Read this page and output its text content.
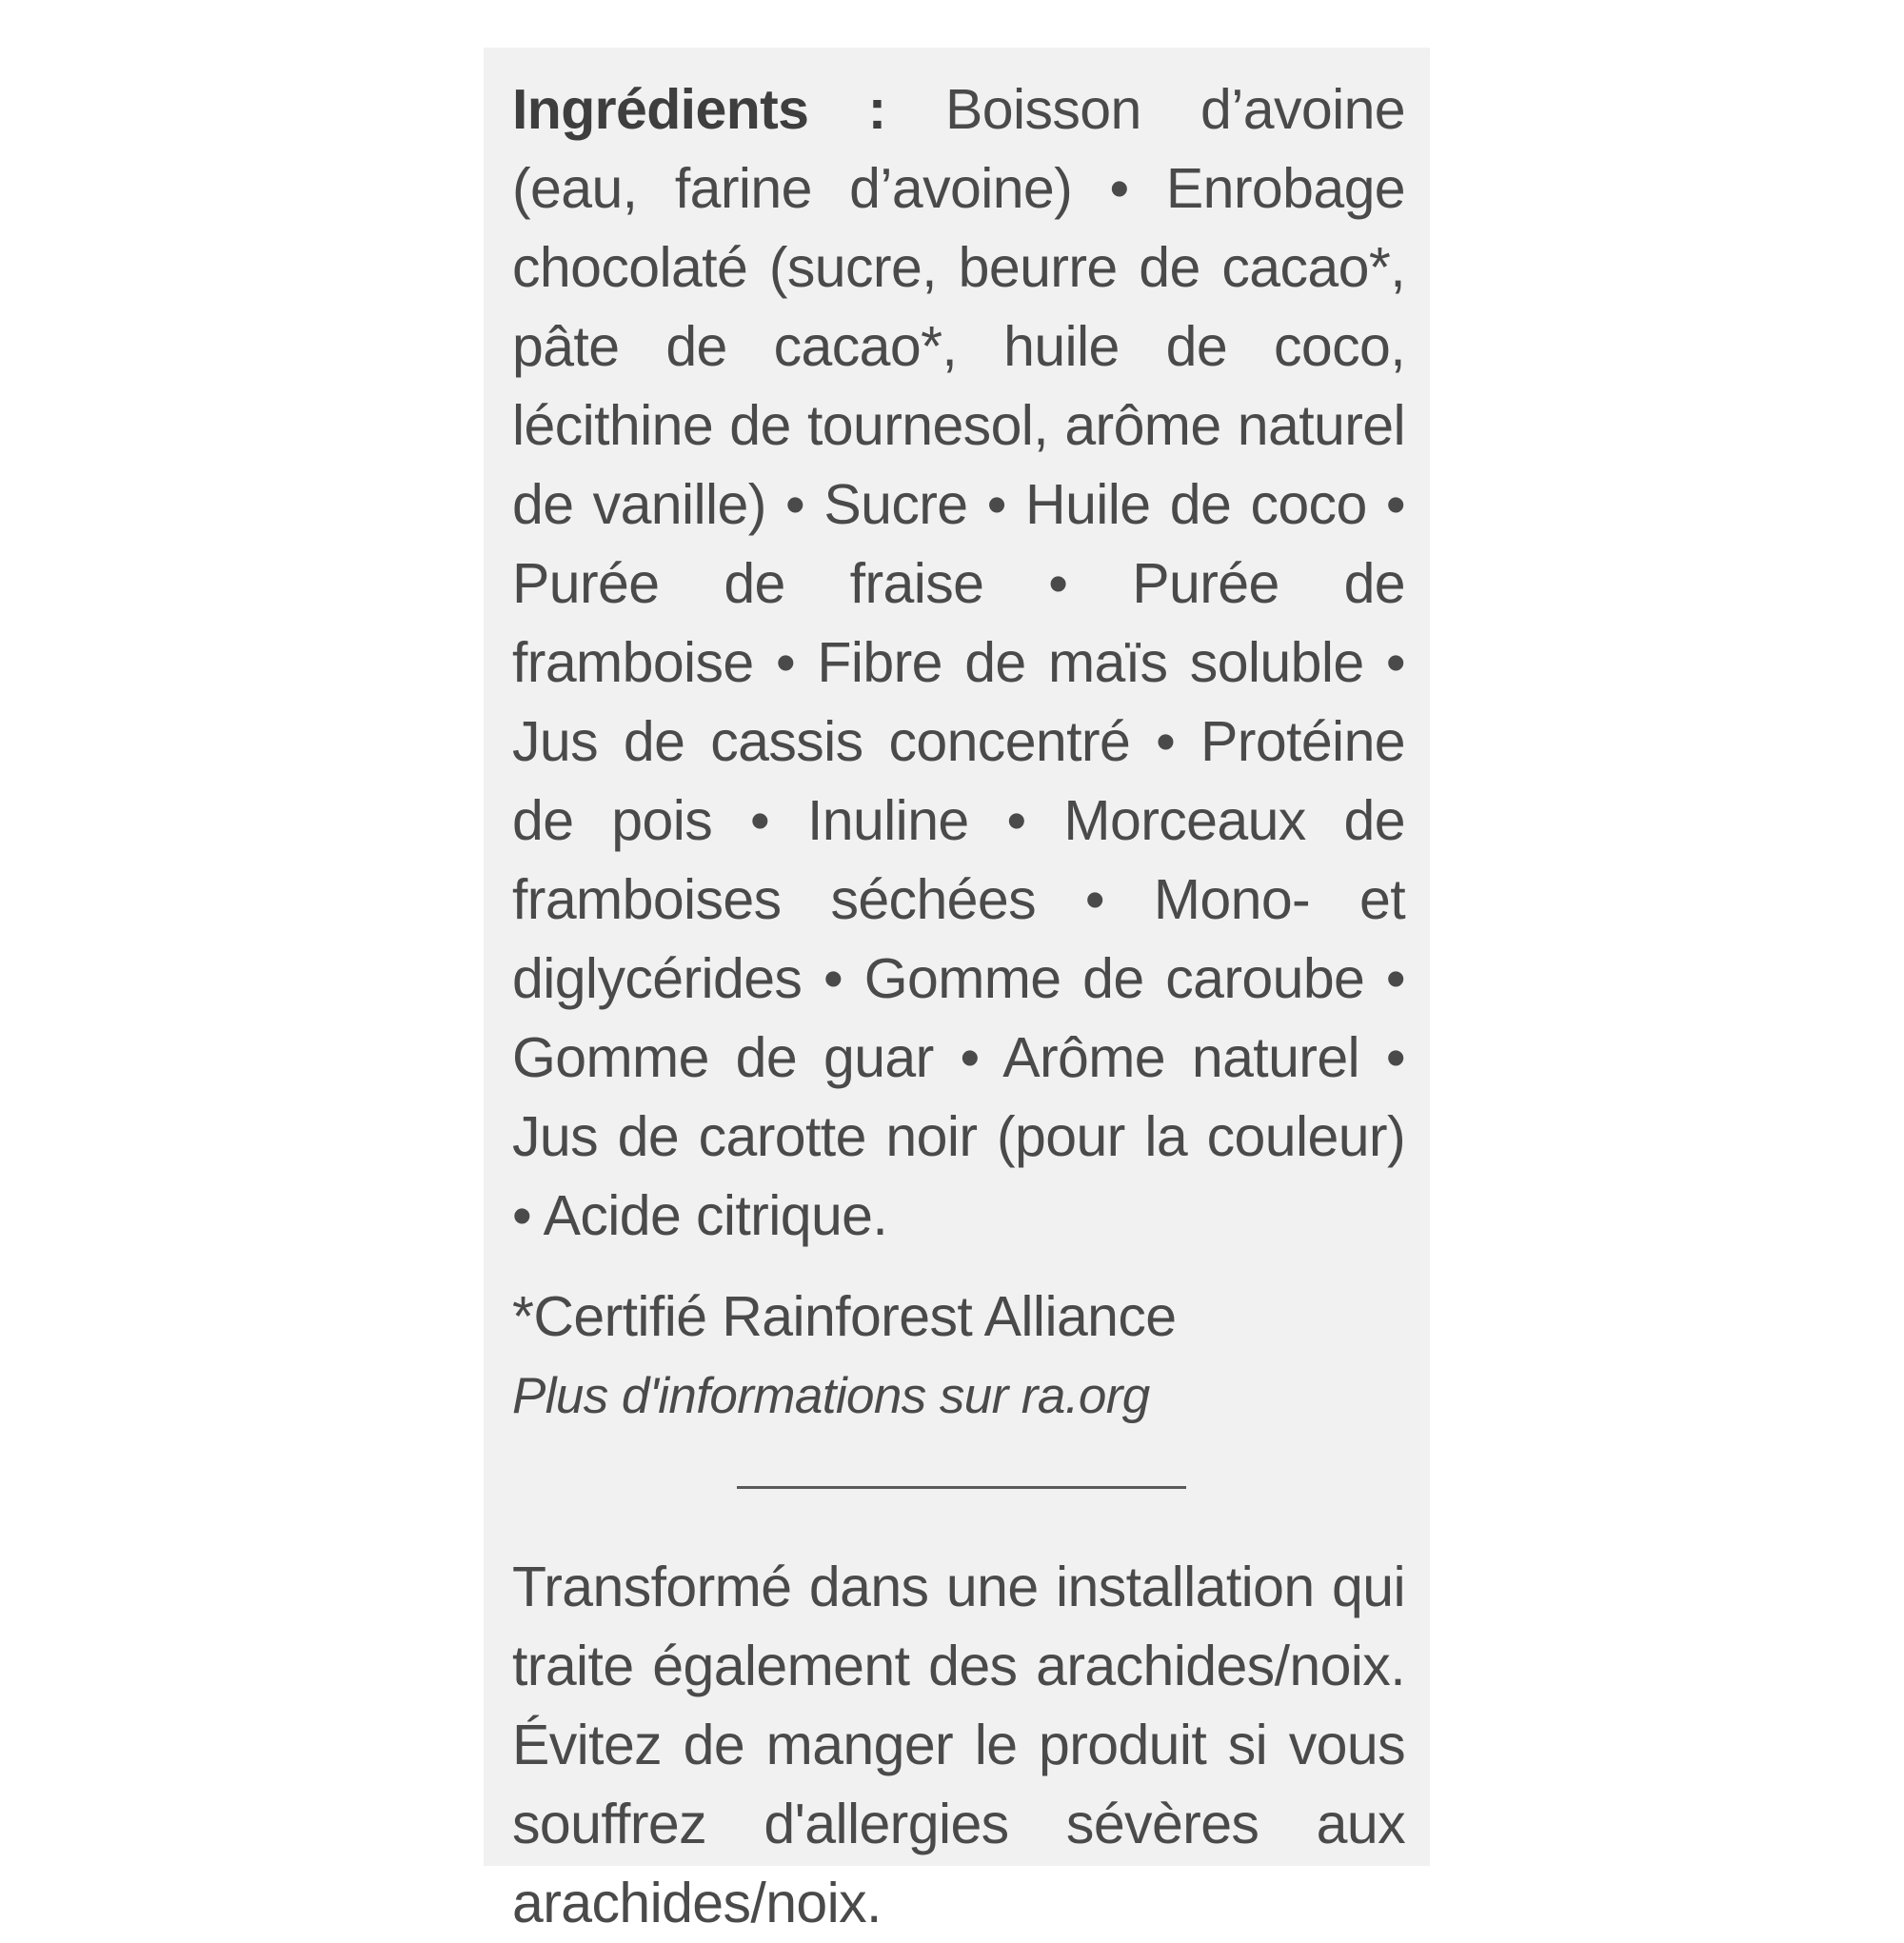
Ingrédients : Boisson d’avoine (eau, farine d’avoine) • Enrobage chocolaté (sucre, beurre de cacao*, pâte de cacao*, huile de coco, lécithine de tournesol, arôme naturel de vanille) • Sucre • Huile de coco • Purée de fraise • Purée de framboise • Fibre de maïs soluble • Jus de cassis concentré • Protéine de pois • Inuline • Morceaux de framboises séchées • Mono- et diglycérides • Gomme de caroube • Gomme de guar • Arôme naturel • Jus de carotte noir (pour la couleur) • Acide citrique.

*Certifié Rainforest Alliance

Plus d'informations sur ra.org

Transformé dans une installation qui traite également des arachides/noix. Évitez de manger le produit si vous souffrez d'allergies sévères aux arachides/noix.
